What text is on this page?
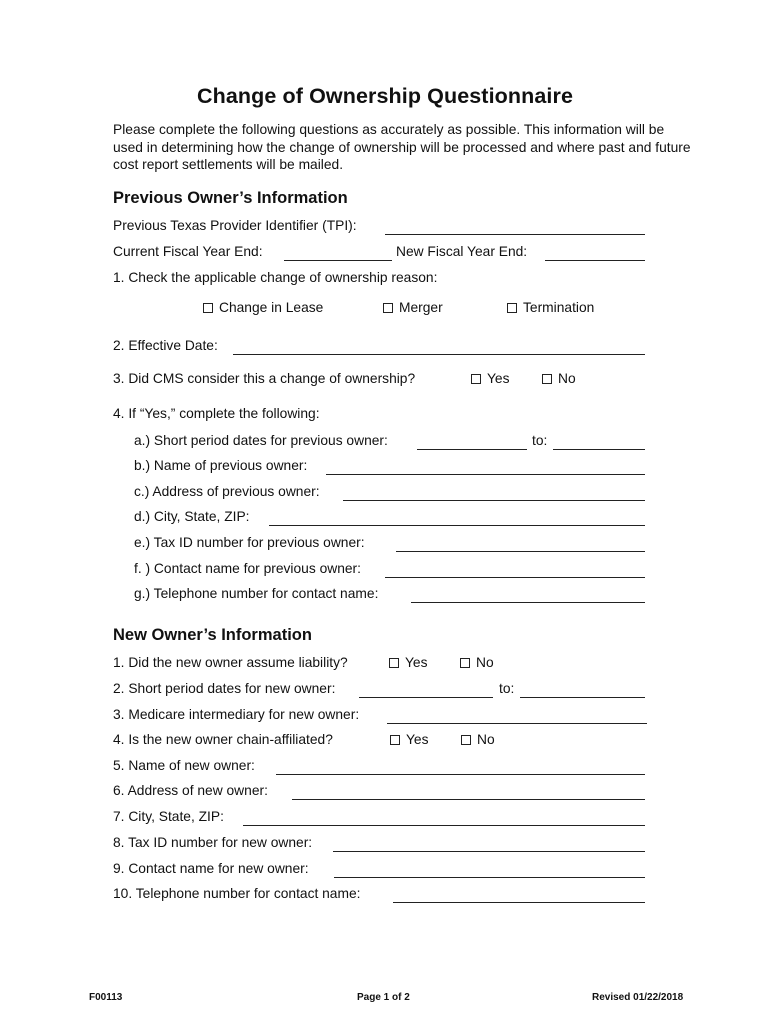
Change of Ownership Questionnaire
Please complete the following questions as accurately as possible. This information will be used in determining how the change of ownership will be processed and where past and future cost report settlements will be mailed.
Previous Owner’s Information
Previous Texas Provider Identifier (TPI):
Current Fiscal Year End:	New Fiscal Year End:
1. Check the applicable change of ownership reason:
Change in Lease	Merger	Termination
2. Effective Date:
3. Did CMS consider this a change of ownership?	Yes	No
4. If “Yes,” complete the following:
a.) Short period dates for previous owner:	to:
b.) Name of previous owner:
c.) Address of previous owner:
d.) City, State, ZIP:
e.) Tax ID number for previous owner:
f. ) Contact name for previous owner:
g.) Telephone number for contact name:
New Owner’s Information
1. Did the new owner assume liability?	Yes	No
2. Short period dates for new owner:	to:
3. Medicare intermediary for new owner:
4. Is the new owner chain-affiliated?	Yes	No
5. Name of new owner:
6. Address of new owner:
7. City, State, ZIP:
8. Tax ID number for new owner:
9. Contact name for new owner:
10. Telephone number for contact name:
F00113	Page 1 of 2	Revised 01/22/2018
